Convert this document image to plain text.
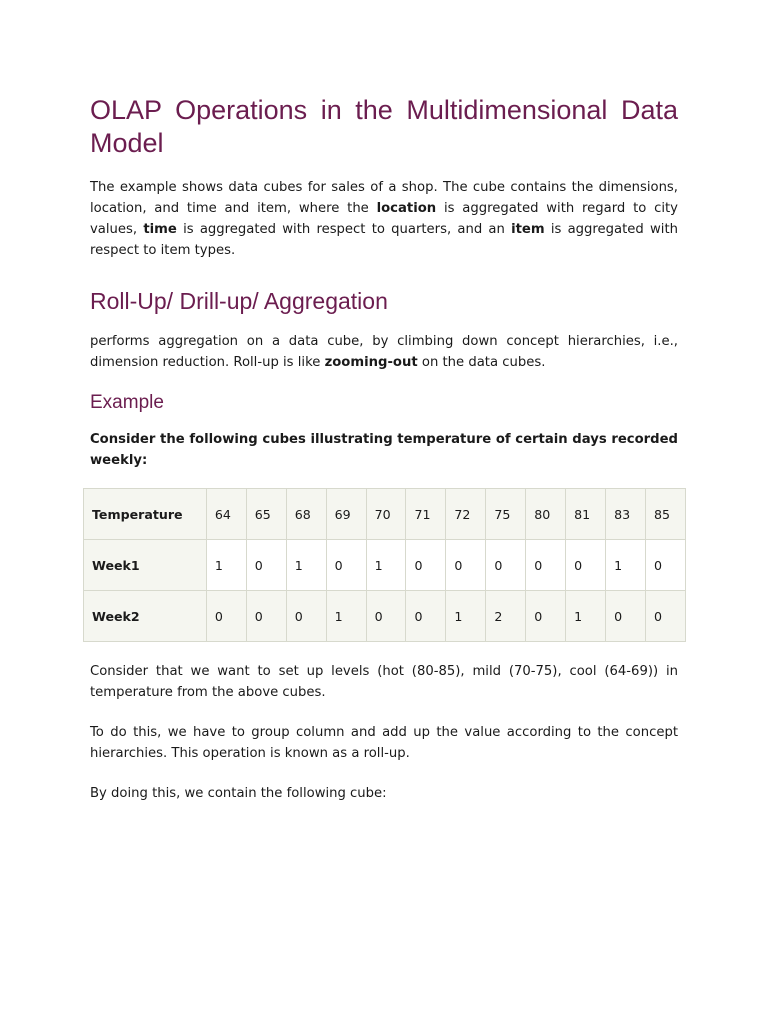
OLAP Operations in the Multidimensional Data Model

The example shows data cubes for sales of a shop. The cube contains the dimensions, location, and time and item, where the location is aggregated with regard to city values, time is aggregated with respect to quarters, and an item is aggregated with respect to item types.

Roll-Up/ Drill-up/ Aggregation

performs aggregation on a data cube, by climbing down concept hierarchies, i.e., dimension reduction. Roll-up is like zooming-out on the data cubes.

Example

Consider the following cubes illustrating temperature of certain days recorded weekly:

Temperature	64	65	68	69	70	71	72	75	80	81	83	85
Week1	1	0	1	0	1	0	0	0	0	0	1	0
Week2	0	0	0	1	0	0	1	2	0	1	0	0

Consider that we want to set up levels (hot (80-85), mild (70-75), cool (64-69)) in temperature from the above cubes.

To do this, we have to group column and add up the value according to the concept hierarchies. This operation is known as a roll-up.

By doing this, we contain the following cube:
